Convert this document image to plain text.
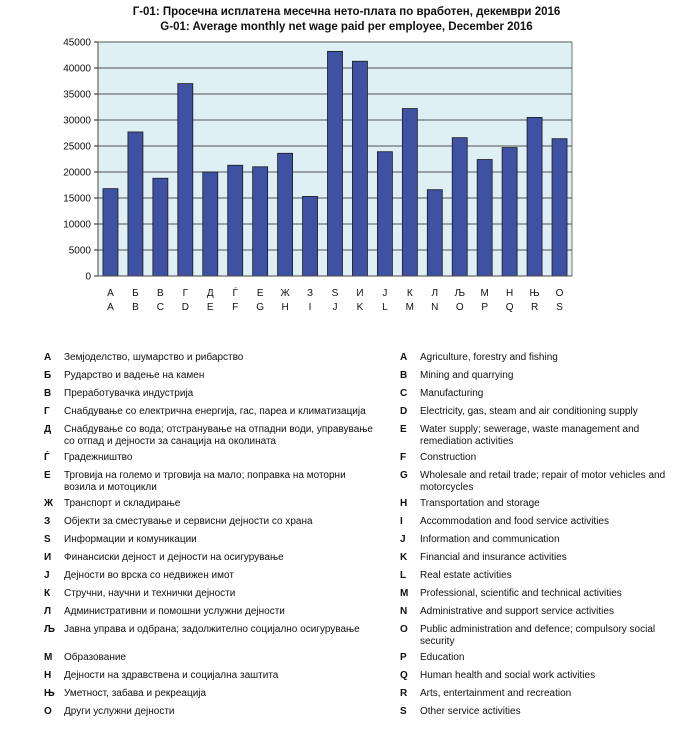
Г-01: Просечна исплатена месечна нето-плата по вработен, декември 2016
G-01: Average monthly net wage paid per employee, December 2016
0
5000
10000
15000
20000
25000
30000
35000
40000
45000
А
A
Б
B
В
C
Г
D
Д
E
Ѓ
F
Е
G
Ж
H
З
I
Ѕ
J
И
K
Ј
L
К
M
Л
N
Љ
O
М
P
Н
Q
Њ
R
О
S
А Земјоделство, шумарство и рибарство
Б Рударство и вадење на камен
В Преработувачка индустрија
Г Снабдување со електрична енергија, гас, пареа и климатизација
Д Снабдување со вода; отстранување на отпадни води, управување со отпад и дејности за санација на околината
Ѓ Градежништво
Е Трговија на големо и трговија на мало; поправка на моторни возила и мотоцикли
Ж Транспорт и складирање
З Објекти за сместување и сервисни дејности со храна
Ѕ Информации и комуникации
И Финансиски дејност и дејности на осигурување
Ј Дејности во врска со недвижен имот
К Стручни, научни и технички дејности
Л Административни и помошни услужни дејности
Љ Јавна управа и одбрана; задолжително социјално осигурување
М Образование
Н Дејности на здравствена и социјална заштита
Њ Уметност, забава и рекреација
О Други услужни дејности
A Agriculture, forestry and fishing
B Mining and quarrying
C Manufacturing
D Electricity, gas, steam and air conditioning supply
E Water supply; sewerage, waste management and remediation activities
F Construction
G Wholesale and retail trade; repair of motor vehicles and motorcycles
H Transportation and storage
I Accommodation and food service activities
J Information and communication
K Financial and insurance activities
L Real estate activities
M Professional, scientific and technical activities
N Administrative and support service activities
O Public administration and defence; compulsory social security
P Education
Q Human health and social work activities
R Arts, entertainment and recreation
S Other service activities
